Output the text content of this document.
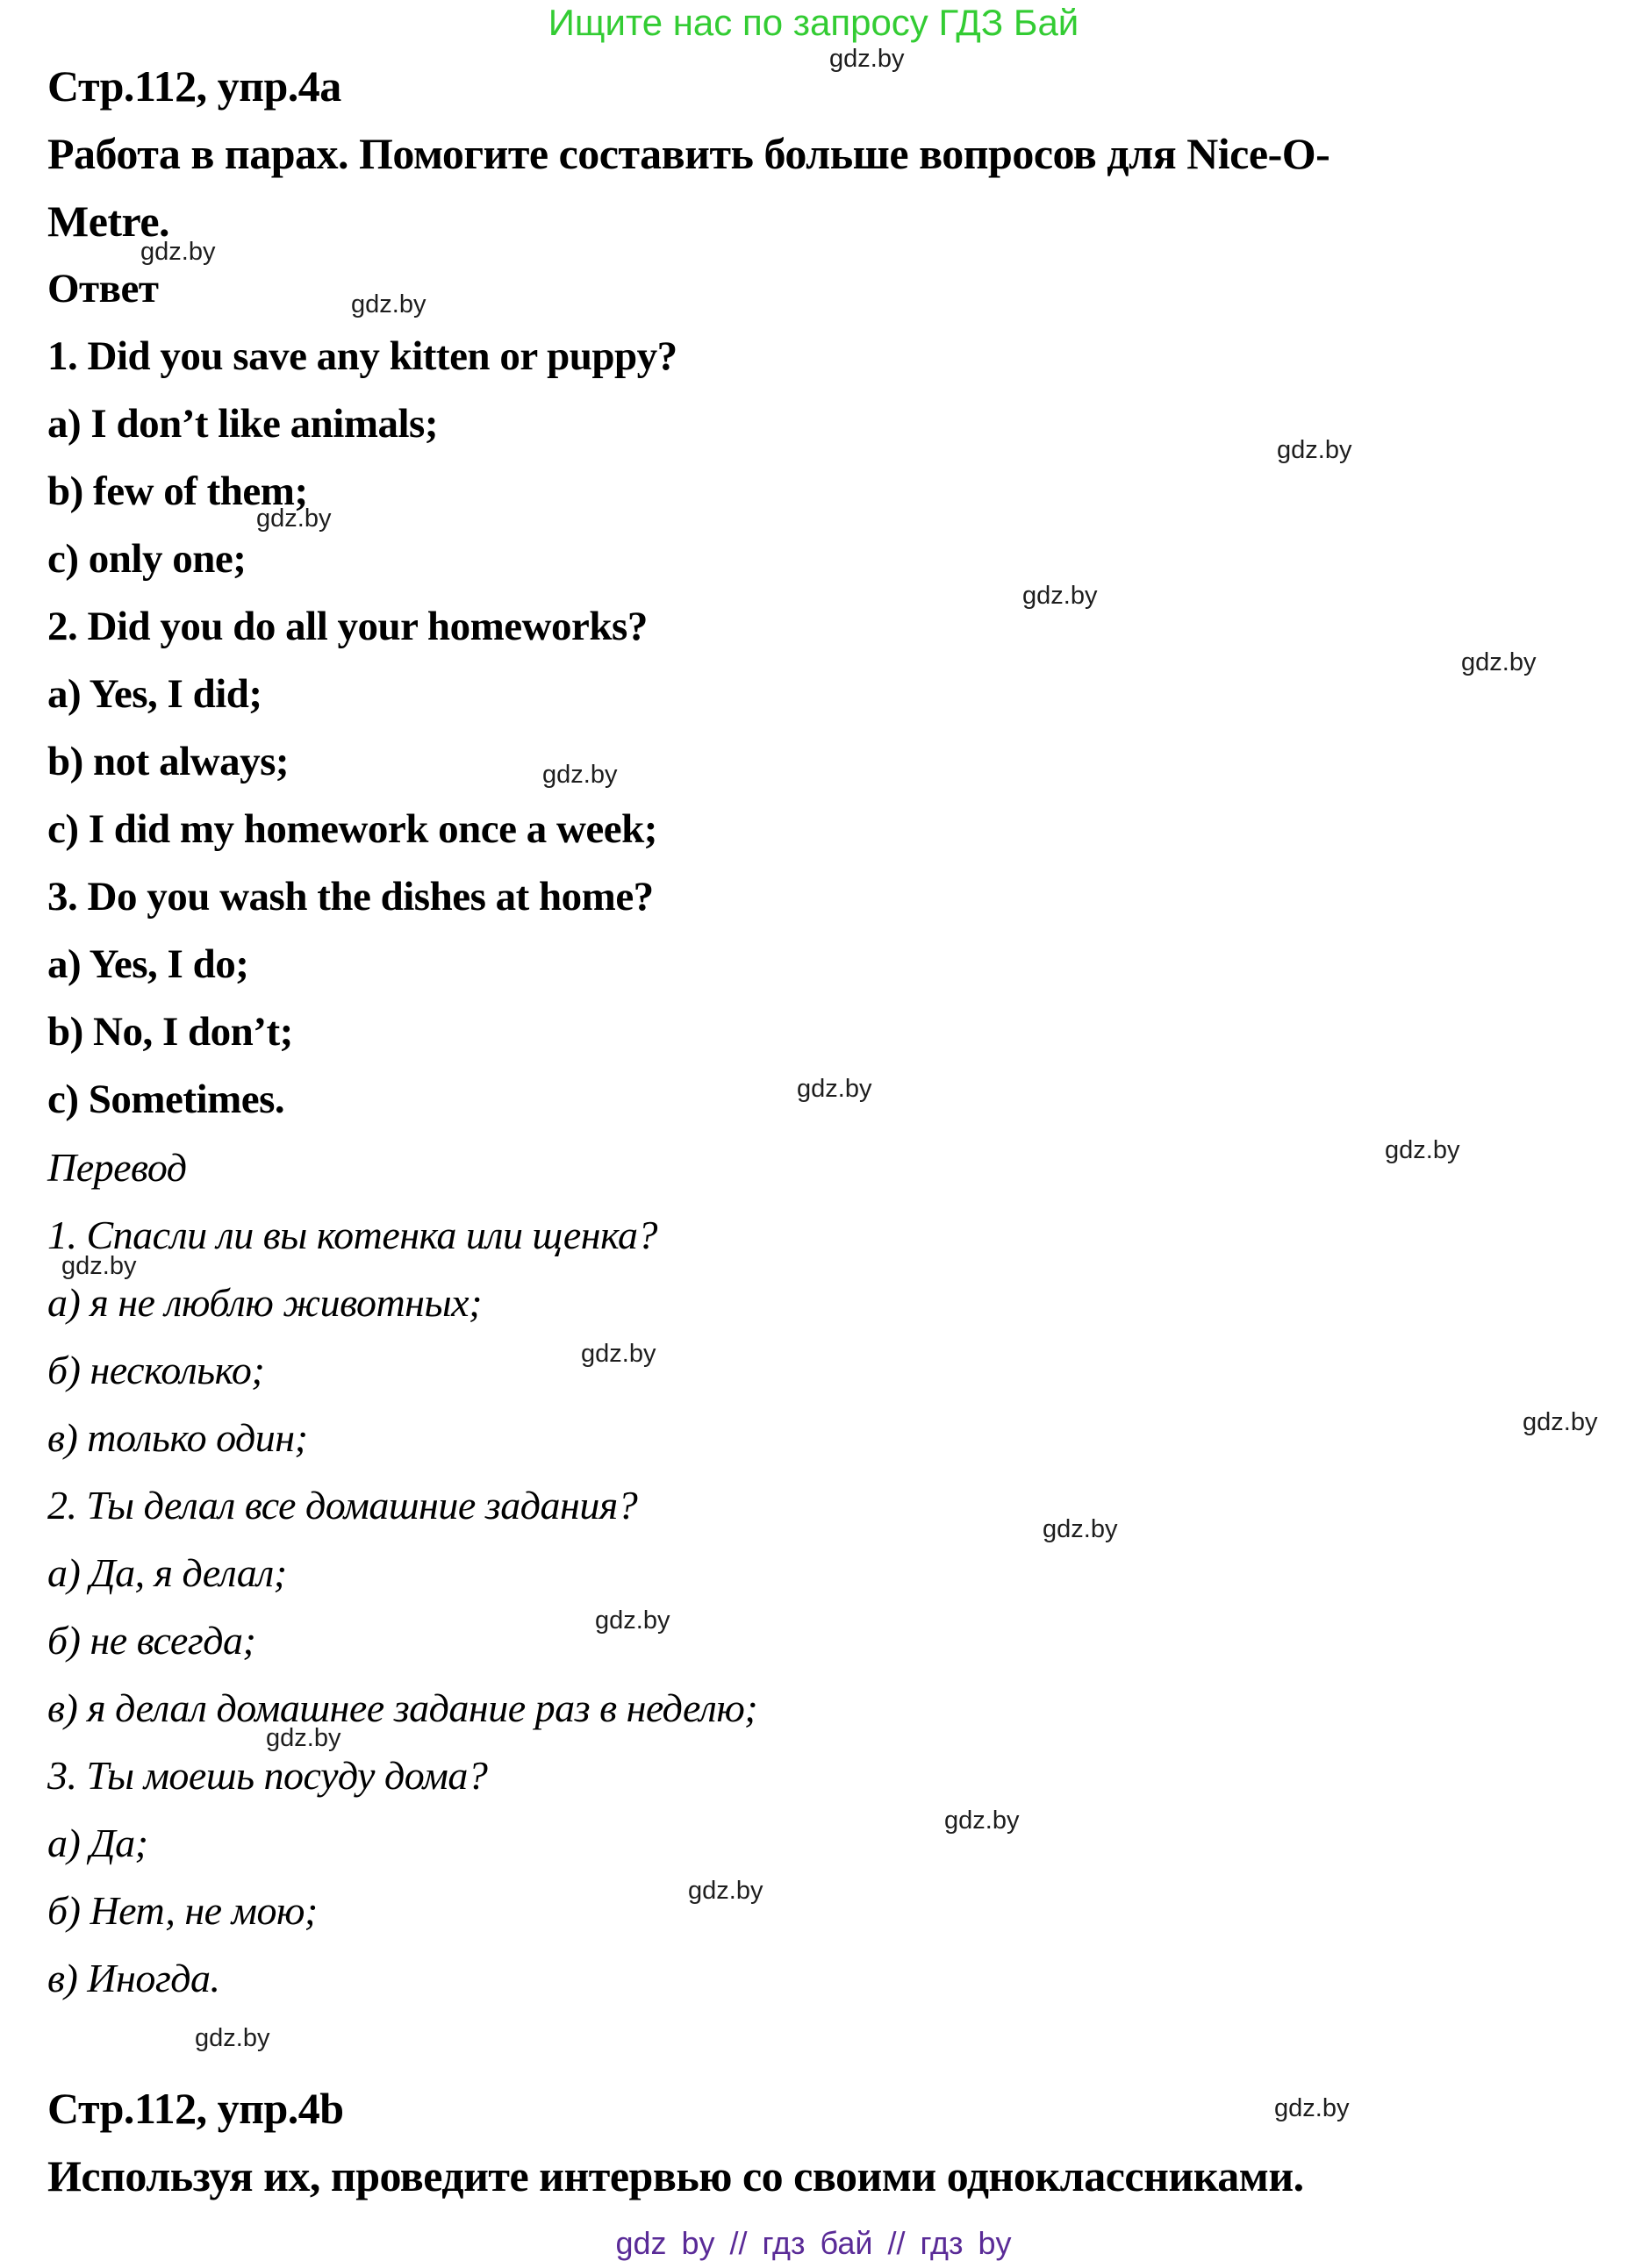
Ищите нас по запросу ГДЗ Бай
Стр.112, упр.4a
Работа в парах. Помогите составить больше вопросов для Nice-O-
Metre.
Ответ
1. Did you save any kitten or puppy?
a) I don’t like animals;
b) few of them;
c) only one;
2. Did you do all your homeworks?
a) Yes, I did;
b) not always;
c) I did my homework once a week;
3. Do you wash the dishes at home?
a) Yes, I do;
b) No, I don’t;
c) Sometimes.
Перевод
1. Спасли ли вы котенка или щенка?
а) я не люблю животных;
б) несколько;
в) только один;
2. Ты делал все домашние задания?
а) Да, я делал;
б) не всегда;
в) я делал домашнее задание раз в неделю;
3. Ты моешь посуду дома?
а) Да;
б) Нет, не мою;
в) Иногда.
Стр.112, упр.4b
Используя их, проведите интервью со своими одноклассниками.
gdz.by
gdz.by
gdz.by
gdz.by
gdz.by
gdz.by
gdz.by
gdz.by
gdz.by
gdz.by
gdz.by
gdz.by
gdz.by
gdz.by
gdz.by
gdz.by
gdz.by
gdz.by
gdz.by
gdz.by
gdz by // гдз бай // гдз by
